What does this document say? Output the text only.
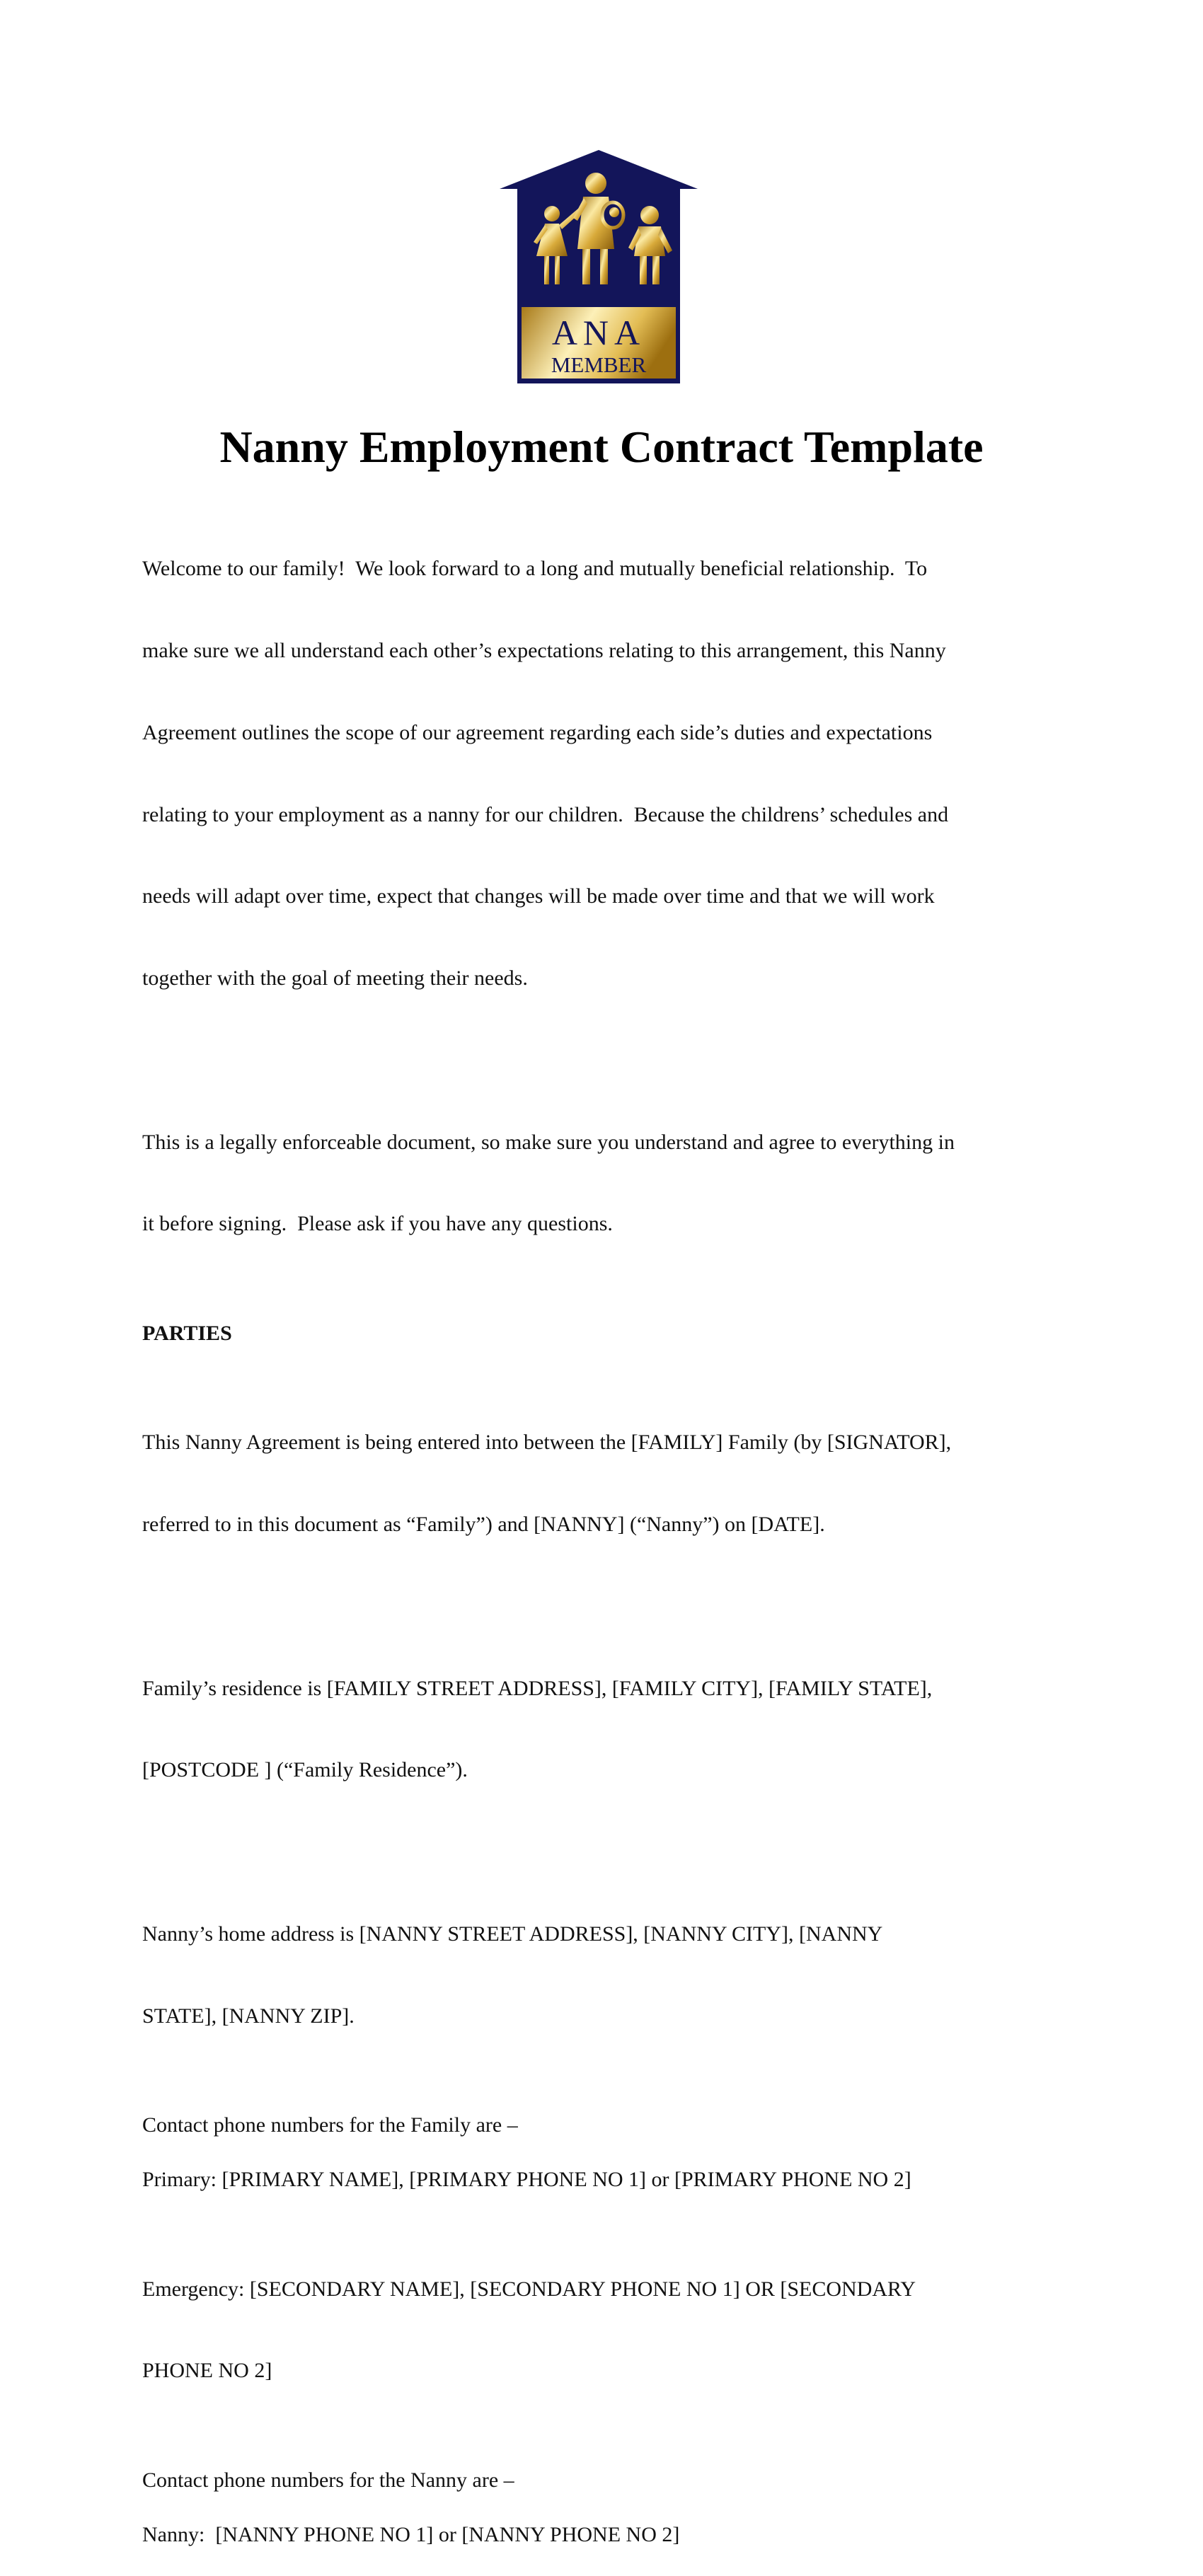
ANA
MEMBER
Nanny Employment Contract Template

Welcome to our family!  We look forward to a long and mutually beneficial relationship.  To

make sure we all understand each other’s expectations relating to this arrangement, this Nanny

Agreement outlines the scope of our agreement regarding each side’s duties and expectations

relating to your employment as a nanny for our children.  Because the childrens’ schedules and

needs will adapt over time, expect that changes will be made over time and that we will work

together with the goal of meeting their needs.

This is a legally enforceable document, so make sure you understand and agree to everything in

it before signing.  Please ask if you have any questions.

PARTIES

This Nanny Agreement is being entered into between the [FAMILY] Family (by [SIGNATOR],

referred to in this document as “Family”) and [NANNY] (“Nanny”) on [DATE].

Family’s residence is [FAMILY STREET ADDRESS], [FAMILY CITY], [FAMILY STATE],

[POSTCODE ] (“Family Residence”).

Nanny’s home address is [NANNY STREET ADDRESS], [NANNY CITY], [NANNY

STATE], [NANNY ZIP].

Contact phone numbers for the Family are –

Primary: [PRIMARY NAME], [PRIMARY PHONE NO 1] or [PRIMARY PHONE NO 2]

Emergency: [SECONDARY NAME], [SECONDARY PHONE NO 1] OR [SECONDARY

PHONE NO 2]

Contact phone numbers for the Nanny are –

Nanny:  [NANNY PHONE NO 1] or [NANNY PHONE NO 2]
